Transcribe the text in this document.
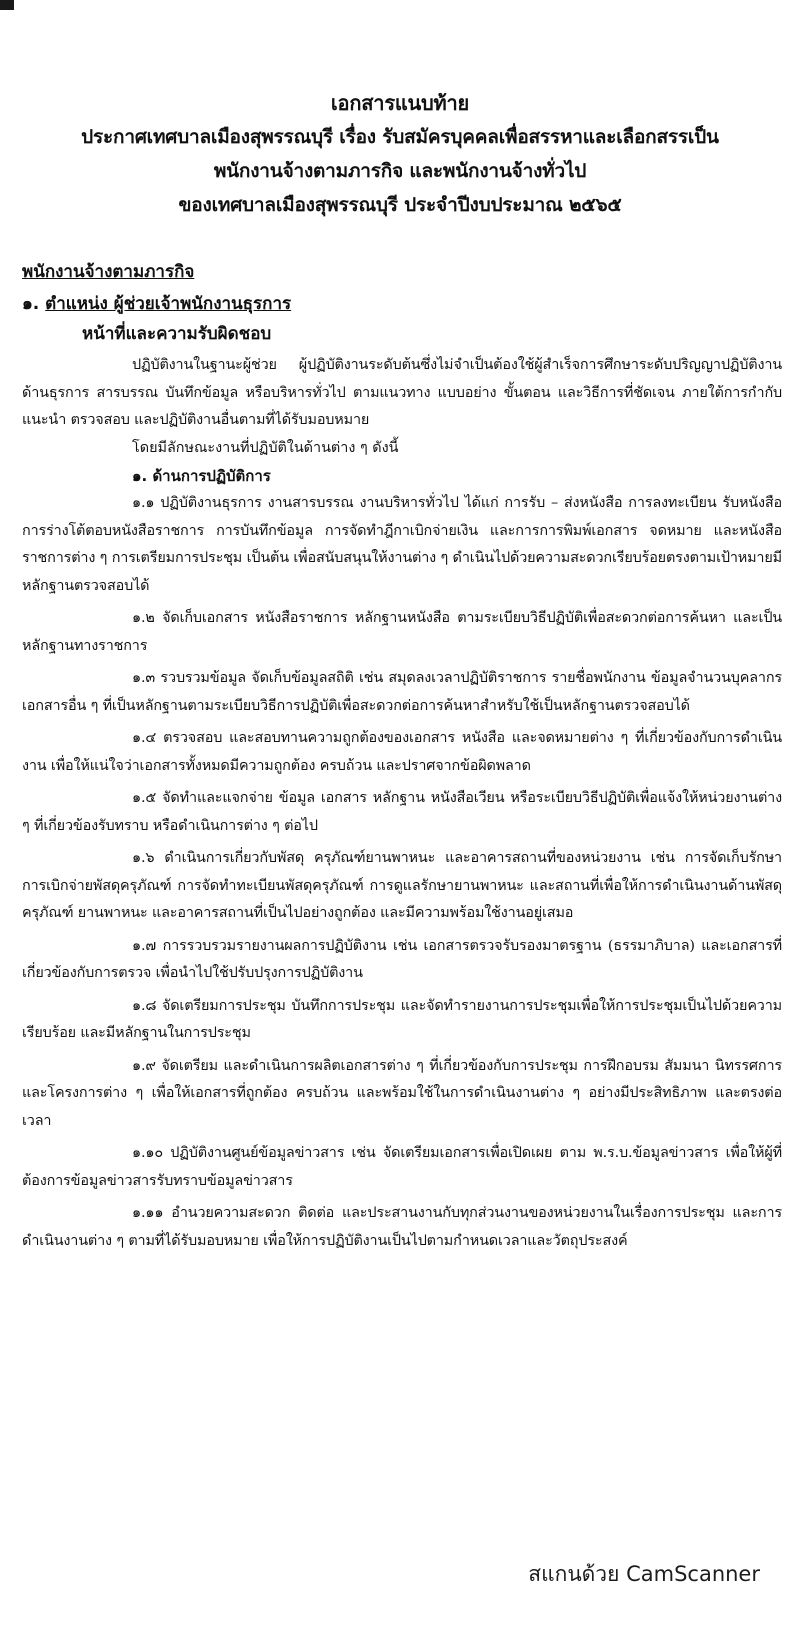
เอกสารแนบท้าย
ประกาศเทศบาลเมืองสุพรรณบุรี เรื่อง รับสมัครบุคคลเพื่อสรรหาและเลือกสรรเป็น
พนักงานจ้างตามภารกิจ และพนักงานจ้างทั่วไป
ของเทศบาลเมืองสุพรรณบุรี ประจำปีงบประมาณ ๒๕๖๕
พนักงานจ้างตามภารกิจ
๑. ตำแหน่ง ผู้ช่วยเจ้าพนักงานธุรการ
หน้าที่และความรับผิดชอบ

ปฏิบัติงานในฐานะผู้ช่วย ผู้ปฏิบัติงานระดับต้นซึ่งไม่จำเป็นต้องใช้ผู้สำเร็จการศึกษาระดับปริญญาปฏิบัติงานด้านธุรการ สารบรรณ บันทึกข้อมูล หรือบริหารทั่วไป ตามแนวทาง แบบอย่าง ขั้นตอน และวิธีการที่ชัดเจน ภายใต้การกำกับ แนะนำ ตรวจสอบ และปฏิบัติงานอื่นตามที่ได้รับมอบหมาย

โดยมีลักษณะงานที่ปฏิบัติในด้านต่าง ๆ ดังนี้
๑. ด้านการปฏิบัติการ

๑.๑ ปฏิบัติงานธุรการ งานสารบรรณ งานบริหารทั่วไป ได้แก่ การรับ – ส่งหนังสือ การลงทะเบียน รับหนังสือ การร่างโต้ตอบหนังสือราชการ การบันทึกข้อมูล การจัดทำฎีกาเบิกจ่ายเงิน และการการพิมพ์เอกสาร จดหมาย และหนังสือราชการต่าง ๆ การเตรียมการประชุม เป็นต้น เพื่อสนับสนุนให้งานต่าง ๆ ดำเนินไปด้วยความสะดวกเรียบร้อยตรงตามเป้าหมายมีหลักฐานตรวจสอบได้

๑.๒ จัดเก็บเอกสาร หนังสือราชการ หลักฐานหนังสือ ตามระเบียบวิธีปฏิบัติเพื่อสะดวกต่อการค้นหา และเป็นหลักฐานทางราชการ

๑.๓ รวบรวมข้อมูล จัดเก็บข้อมูลสถิติ เช่น สมุดลงเวลาปฏิบัติราชการ รายชื่อพนักงาน ข้อมูลจำนวนบุคลากร เอกสารอื่น ๆ ที่เป็นหลักฐานตามระเบียบวิธีการปฏิบัติเพื่อสะดวกต่อการค้นหาสำหรับใช้เป็นหลักฐานตรวจสอบได้

๑.๔ ตรวจสอบ และสอบทานความถูกต้องของเอกสาร หนังสือ และจดหมายต่าง ๆ ที่เกี่ยวข้องกับการดำเนินงาน เพื่อให้แน่ใจว่าเอกสารทั้งหมดมีความถูกต้อง ครบถ้วน และปราศจากข้อผิดพลาด

๑.๕ จัดทำและแจกจ่าย ข้อมูล เอกสาร หลักฐาน หนังสือเวียน หรือระเบียบวิธีปฏิบัติเพื่อแจ้งให้หน่วยงานต่าง ๆ ที่เกี่ยวข้องรับทราบ หรือดำเนินการต่าง ๆ ต่อไป

๑.๖ ดำเนินการเกี่ยวกับพัสดุ ครุภัณฑ์ยานพาหนะ และอาคารสถานที่ของหน่วยงาน เช่น การจัดเก็บรักษา การเบิกจ่ายพัสดุครุภัณฑ์ การจัดทำทะเบียนพัสดุครุภัณฑ์ การดูแลรักษายานพาหนะ และสถานที่เพื่อให้การดำเนินงานด้านพัสดุครุภัณฑ์ ยานพาหนะ และอาคารสถานที่เป็นไปอย่างถูกต้อง และมีความพร้อมใช้งานอยู่เสมอ

๑.๗ การรวบรวมรายงานผลการปฏิบัติงาน เช่น เอกสารตรวจรับรองมาตรฐาน (ธรรมาภิบาล) และเอกสารที่เกี่ยวข้องกับการตรวจ เพื่อนำไปใช้ปรับปรุงการปฏิบัติงาน

๑.๘ จัดเตรียมการประชุม บันทึกการประชุม และจัดทำรายงานการประชุมเพื่อให้การประชุมเป็นไปด้วยความเรียบร้อย และมีหลักฐานในการประชุม

๑.๙ จัดเตรียม และดำเนินการผลิตเอกสารต่าง ๆ ที่เกี่ยวข้องกับการประชุม การฝึกอบรม สัมมนา นิทรรศการ และโครงการต่าง ๆ เพื่อให้เอกสารที่ถูกต้อง ครบถ้วน และพร้อมใช้ในการดำเนินงานต่าง ๆ อย่างมีประสิทธิภาพ และตรงต่อเวลา

๑.๑๐ ปฏิบัติงานศูนย์ข้อมูลข่าวสาร เช่น จัดเตรียมเอกสารเพื่อเปิดเผย ตาม พ.ร.บ.ข้อมูลข่าวสาร เพื่อให้ผู้ที่ต้องการข้อมูลข่าวสารรับทราบข้อมูลข่าวสาร

๑.๑๑ อำนวยความสะดวก ติดต่อ และประสานงานกับทุกส่วนงานของหน่วยงานในเรื่องการประชุม และการดำเนินงานต่าง ๆ ตามที่ได้รับมอบหมาย เพื่อให้การปฏิบัติงานเป็นไปตามกำหนดเวลาและวัตถุประสงค์

สแกนด้วย CamScanner
